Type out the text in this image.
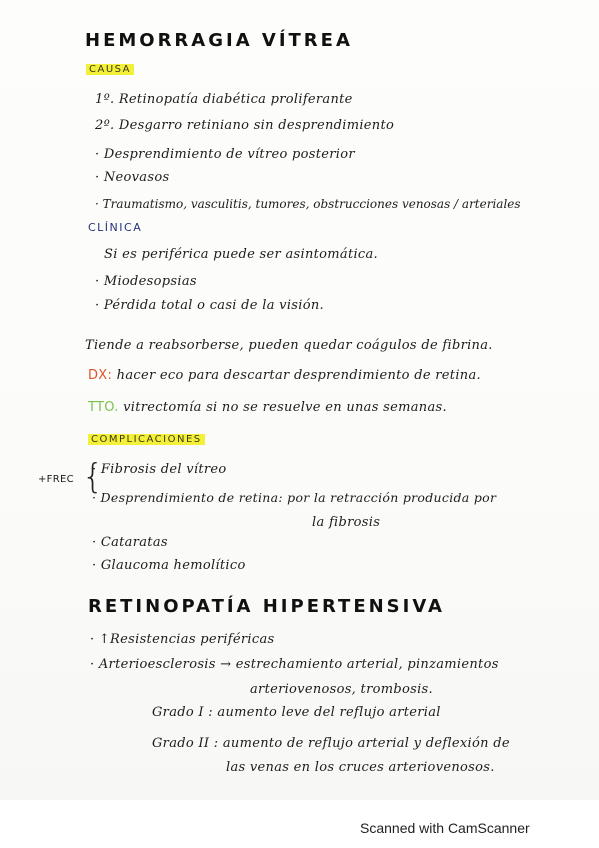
HEMORRAGIA VÍTREA
CAUSA
1º. Retinopatía diabética proliferante
2º. Desgarro retiniano sin desprendimiento
· Desprendimiento de vítreo posterior
· Neovasos
· Traumatismo, vasculitis, tumores, obstrucciones venosas / arteriales
CLÍNICA
Si es periférica puede ser asintomática.
· Miodesopsias
· Pérdida total o casi de la visión.
Tiende a reabsorberse, pueden quedar coágulos de fibrina.
DX: hacer eco para descartar desprendimiento de retina.
TTO. vitrectomía si no se resuelve en unas semanas.
COMPLICACIONES
+FREC {
· Fibrosis del vítreo
· Desprendimiento de retina: por la retracción producida por
la fibrosis
· Cataratas
· Glaucoma hemolítico
RETINOPATÍA HIPERTENSIVA
· ↑Resistencias periféricas
· Arterioesclerosis → estrechamiento arterial, pinzamientos
arteriovenosos, trombosis.
Grado I : aumento leve del reflujo arterial
Grado II : aumento de reflujo arterial y deflexión de
las venas en los cruces arteriovenosos.
Scanned with CamScanner
